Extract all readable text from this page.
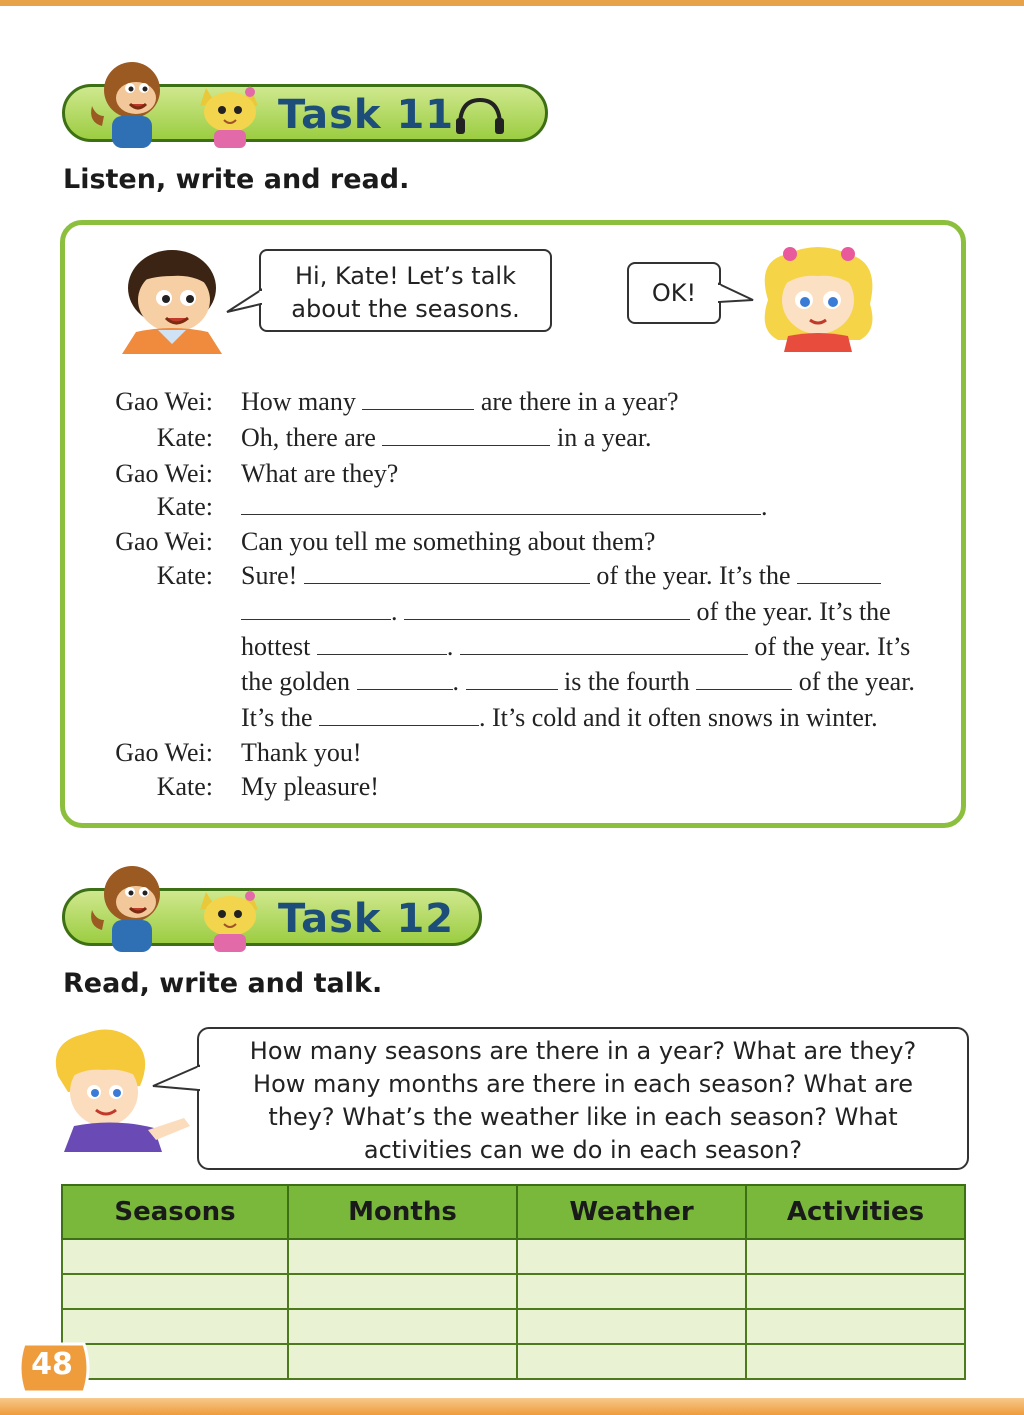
Task 11
Listen, write and read.
Hi, Kate! Let’s talk
about the seasons.
OK!
Gao Wei: How many	are there in a year?
Kate: Oh, there are	in a year.
Gao Wei: What are they?
Kate:	.
Gao Wei: Can you tell me something about them?
Kate: Sure!	of the year. It’s the
.	of the year. It’s the
hottest	.	of the year. It’s
the golden	.	is the fourth	of the year.
It’s the	. It’s cold and it often snows in winter.
Gao Wei: Thank you!
Kate: My pleasure!
Task 12
Read, write and talk.
How many seasons are there in a year? What are they?
How many months are there in each season? What are
they? What’s the weather like in each season? What
activities can we do in each season?
Seasons	Months	Weather	Activities

48
